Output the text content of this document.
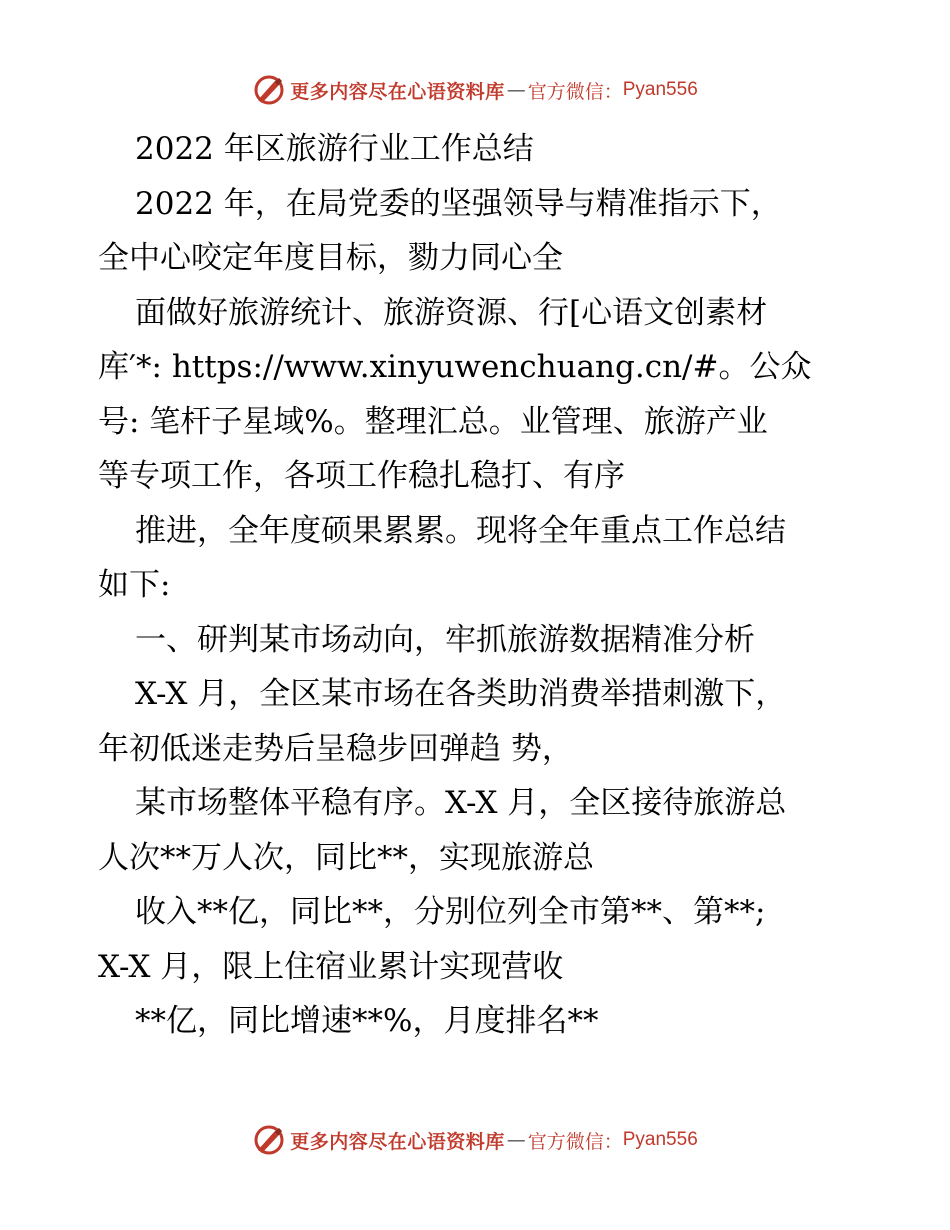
更多内容尽在心语资料库 — 官方微信： Pyan556
2022 年区旅游行业工作总结
2022 年，在局党委的坚强领导与精准指示下，
全中心咬定年度目标，勠力同心全
面做好旅游统计、旅游资源、行[心语文创素材
库′*: https://www.xinyuwenchuang.cn/#。公众
号: 笔杆子星域%。整理汇总。业管理、旅游产业
等专项工作，各项工作稳扎稳打、有序
推进，全年度硕果累累。现将全年重点工作总结
如下:
一、研判某市场动向，牢抓旅游数据精准分析
X-X 月，全区某市场在各类助消费举措刺激下，
年初低迷走势后呈稳步回弹趋 势，
某市场整体平稳有序。X-X 月，全区接待旅游总
人次**万人次，同比**，实现旅游总
收入**亿，同比**，分别位列全市第**、第**;
X-X 月，限上住宿业累计实现营收
**亿，同比增速**%，月度排名**
更多内容尽在心语资料库 — 官方微信： Pyan556
